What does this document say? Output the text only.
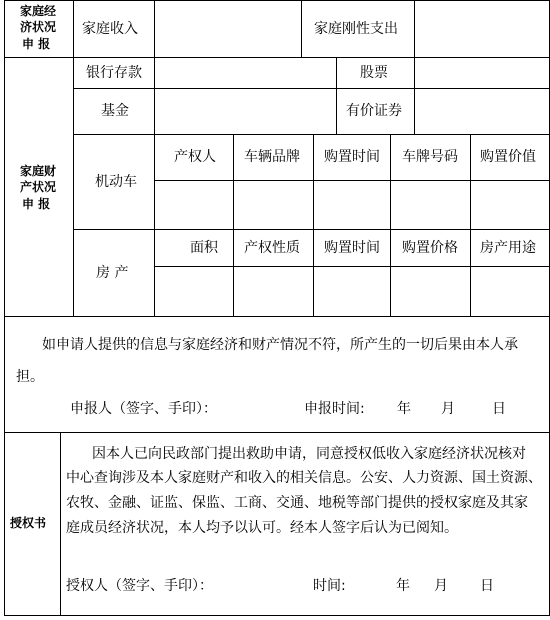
家庭经
济状况
申 报
家庭收入	家庭刚性支出
家庭财
产状况
申 报
银行存款	股票
基金	有价证券
机动车
产权人 车辆品牌 购置时间 车牌号码 购置价值
房 产
面积 产权性质 购置时间 购置价格 房产用途
如申请人提供的信息与家庭经济和财产情况不符，所产生的一切后果由本人承
担。
申报人（签字、手印）：	申报时间: 年 月	日
授权书
因本人已向民政部门提出救助申请，同意授权低收入家庭经济状况核对
中心查询涉及本人家庭财产和收入的相关信息。公安、人力资源、国土资源、
农牧、金融、证监、保监、工商、交通、地税等部门提供的授权家庭及其家
庭成员经济状况，本人均予以认可。经本人签字后认为已阅知。
授权人（签字、手印）：	时间:	年 月 日
